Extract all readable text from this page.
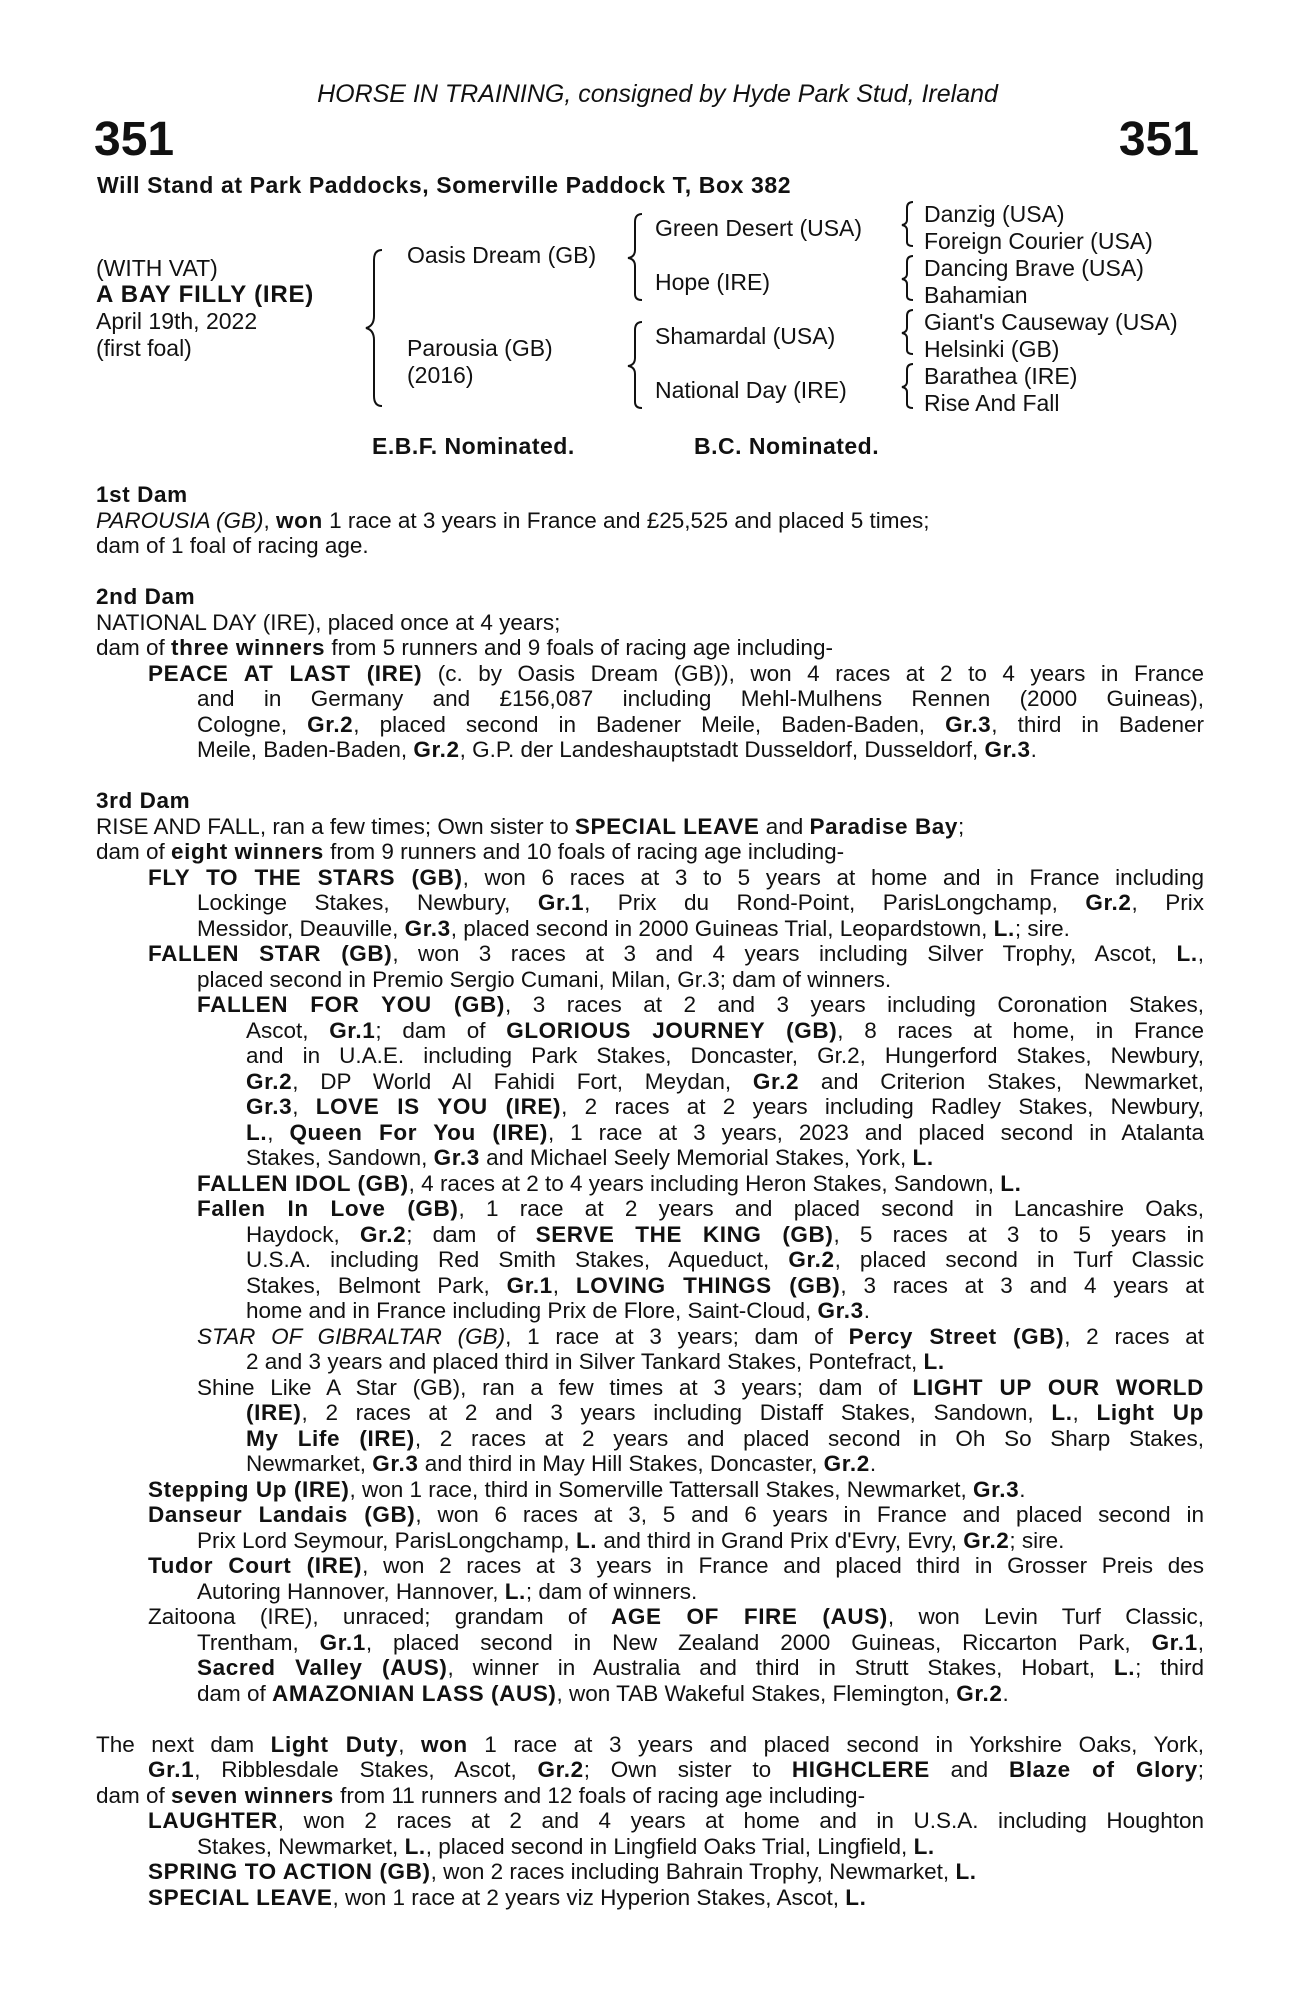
HORSE IN TRAINING, consigned by Hyde Park Stud, Ireland
351	351
Will Stand at Park Paddocks, Somerville Paddock T, Box 382
(WITH VAT)
A BAY FILLY (IRE)
April 19th, 2022
(first foal)
Oasis Dream (GB)
Parousia (GB)
(2016)
Green Desert (USA)
Hope (IRE)
Shamardal (USA)
National Day (IRE)
Danzig (USA)
Foreign Courier (USA)
Dancing Brave (USA)
Bahamian
Giant's Causeway (USA)
Helsinki (GB)
Barathea (IRE)
Rise And Fall
E.B.F. Nominated.	B.C. Nominated.
1st Dam
PAROUSIA (GB), won 1 race at 3 years in France and £25,525 and placed 5 times;
dam of 1 foal of racing age.
2nd Dam
NATIONAL DAY (IRE), placed once at 4 years;
dam of three winners from 5 runners and 9 foals of racing age including-
PEACE AT LAST (IRE) (c. by Oasis Dream (GB)), won 4 races at 2 to 4 years in France
and in Germany and £156,087 including Mehl-Mulhens Rennen (2000 Guineas),
Cologne, Gr.2, placed second in Badener Meile, Baden-Baden, Gr.3, third in Badener
Meile, Baden-Baden, Gr.2, G.P. der Landeshauptstadt Dusseldorf, Dusseldorf, Gr.3.
3rd Dam
RISE AND FALL, ran a few times; Own sister to SPECIAL LEAVE and Paradise Bay;
dam of eight winners from 9 runners and 10 foals of racing age including-
FLY TO THE STARS (GB), won 6 races at 3 to 5 years at home and in France including
Lockinge Stakes, Newbury, Gr.1, Prix du Rond-Point, ParisLongchamp, Gr.2, Prix
Messidor, Deauville, Gr.3, placed second in 2000 Guineas Trial, Leopardstown, L.; sire.
FALLEN STAR (GB), won 3 races at 3 and 4 years including Silver Trophy, Ascot, L.,
placed second in Premio Sergio Cumani, Milan, Gr.3; dam of winners.
FALLEN FOR YOU (GB), 3 races at 2 and 3 years including Coronation Stakes,
Ascot, Gr.1; dam of GLORIOUS JOURNEY (GB), 8 races at home, in France
and in U.A.E. including Park Stakes, Doncaster, Gr.2, Hungerford Stakes, Newbury,
Gr.2, DP World Al Fahidi Fort, Meydan, Gr.2 and Criterion Stakes, Newmarket,
Gr.3, LOVE IS YOU (IRE), 2 races at 2 years including Radley Stakes, Newbury,
L., Queen For You (IRE), 1 race at 3 years, 2023 and placed second in Atalanta
Stakes, Sandown, Gr.3 and Michael Seely Memorial Stakes, York, L.
FALLEN IDOL (GB), 4 races at 2 to 4 years including Heron Stakes, Sandown, L.
Fallen In Love (GB), 1 race at 2 years and placed second in Lancashire Oaks,
Haydock, Gr.2; dam of SERVE THE KING (GB), 5 races at 3 to 5 years in
U.S.A. including Red Smith Stakes, Aqueduct, Gr.2, placed second in Turf Classic
Stakes, Belmont Park, Gr.1, LOVING THINGS (GB), 3 races at 3 and 4 years at
home and in France including Prix de Flore, Saint-Cloud, Gr.3.
STAR OF GIBRALTAR (GB), 1 race at 3 years; dam of Percy Street (GB), 2 races at
2 and 3 years and placed third in Silver Tankard Stakes, Pontefract, L.
Shine Like A Star (GB), ran a few times at 3 years; dam of LIGHT UP OUR WORLD
(IRE), 2 races at 2 and 3 years including Distaff Stakes, Sandown, L., Light Up
My Life (IRE), 2 races at 2 years and placed second in Oh So Sharp Stakes,
Newmarket, Gr.3 and third in May Hill Stakes, Doncaster, Gr.2.
Stepping Up (IRE), won 1 race, third in Somerville Tattersall Stakes, Newmarket, Gr.3.
Danseur Landais (GB), won 6 races at 3, 5 and 6 years in France and placed second in
Prix Lord Seymour, ParisLongchamp, L. and third in Grand Prix d'Evry, Evry, Gr.2; sire.
Tudor Court (IRE), won 2 races at 3 years in France and placed third in Grosser Preis des
Autoring Hannover, Hannover, L.; dam of winners.
Zaitoona (IRE), unraced; grandam of AGE OF FIRE (AUS), won Levin Turf Classic,
Trentham, Gr.1, placed second in New Zealand 2000 Guineas, Riccarton Park, Gr.1,
Sacred Valley (AUS), winner in Australia and third in Strutt Stakes, Hobart, L.; third
dam of AMAZONIAN LASS (AUS), won TAB Wakeful Stakes, Flemington, Gr.2.
The next dam Light Duty, won 1 race at 3 years and placed second in Yorkshire Oaks, York,
Gr.1, Ribblesdale Stakes, Ascot, Gr.2; Own sister to HIGHCLERE and Blaze of Glory;
dam of seven winners from 11 runners and 12 foals of racing age including-
LAUGHTER, won 2 races at 2 and 4 years at home and in U.S.A. including Houghton
Stakes, Newmarket, L., placed second in Lingfield Oaks Trial, Lingfield, L.
SPRING TO ACTION (GB), won 2 races including Bahrain Trophy, Newmarket, L.
SPECIAL LEAVE, won 1 race at 2 years viz Hyperion Stakes, Ascot, L.
